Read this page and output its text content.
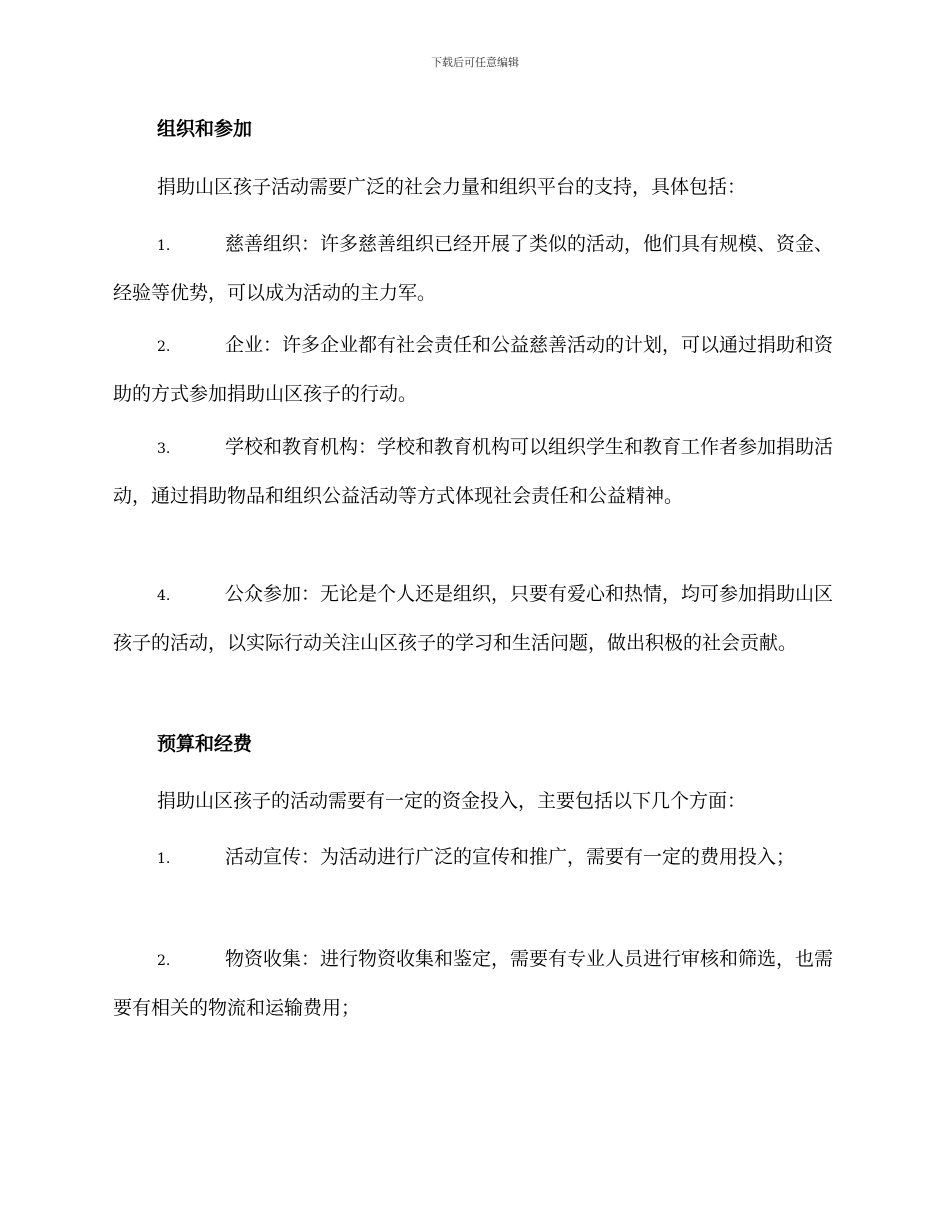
下载后可任意编辑
组织和参加
捐助山区孩子活动需要广泛的社会力量和组织平台的支持，具体包括：
1.	慈善组织：许多慈善组织已经开展了类似的活动，他们具有规模、资金、经验等优势，可以成为活动的主力军。
2.	企业：许多企业都有社会责任和公益慈善活动的计划，可以通过捐助和资助的方式参加捐助山区孩子的行动。
3.	学校和教育机构：学校和教育机构可以组织学生和教育工作者参加捐助活动，通过捐助物品和组织公益活动等方式体现社会责任和公益精神。
4.	公众参加：无论是个人还是组织，只要有爱心和热情，均可参加捐助山区孩子的活动，以实际行动关注山区孩子的学习和生活问题，做出积极的社会贡献。
预算和经费
捐助山区孩子的活动需要有一定的资金投入，主要包括以下几个方面：
1.	活动宣传：为活动进行广泛的宣传和推广，需要有一定的费用投入；
2.	物资收集：进行物资收集和鉴定，需要有专业人员进行审核和筛选，也需要有相关的物流和运输费用；
